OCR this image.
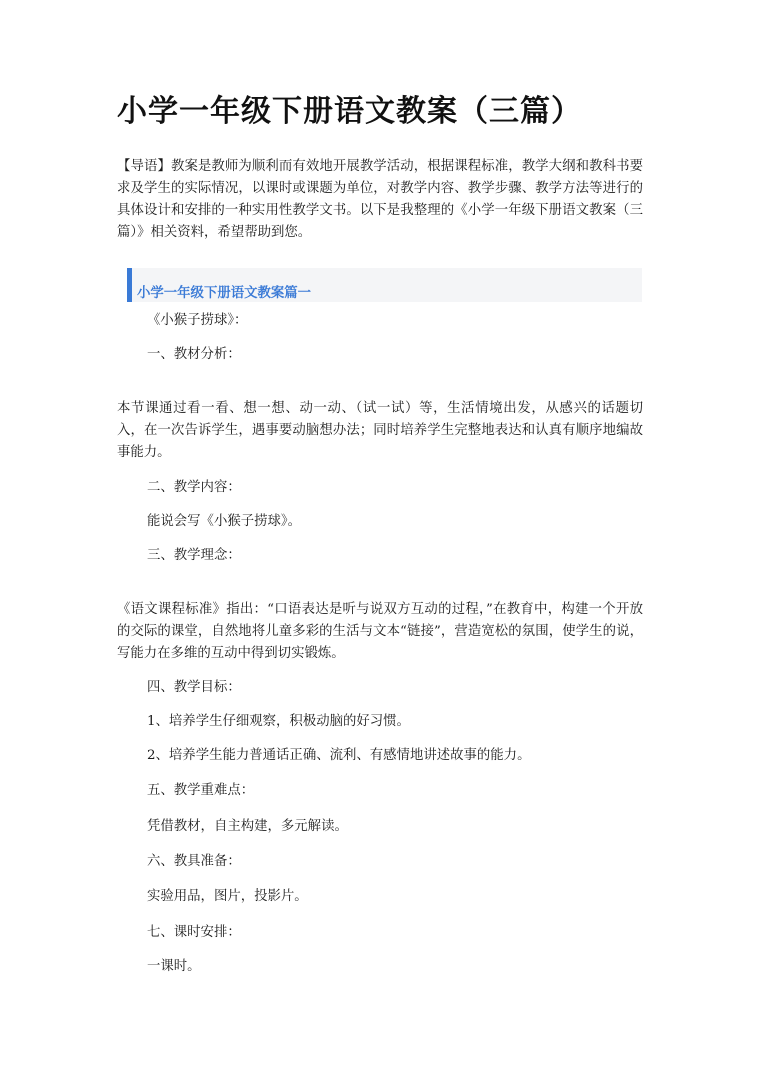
小学一年级下册语文教案（三篇）
【导语】教案是教师为顺利而有效地开展教学活动，根据课程标准，教学大纲和教科书要求及学生的实际情况，以课时或课题为单位，对教学内容、教学步骤、教学方法等进行的具体设计和安排的一种实用性教学文书。以下是我整理的《小学一年级下册语文教案（三篇）》相关资料，希望帮助到您。
小学一年级下册语文教案篇一
《小猴子捞球》：
一、教材分析：
本节课通过看一看、想一想、动一动、（试一试）等，生活情境出发，从感兴的话题切入，在一次告诉学生，遇事要动脑想办法；同时培养学生完整地表达和认真有顺序地编故事能力。
二、教学内容：
能说会写《小猴子捞球》。
三、教学理念：
《语文课程标准》指出：“口语表达是听与说双方互动的过程，”在教育中，构建一个开放的交际的课堂，自然地将儿童多彩的生活与文本“链接”，营造宽松的氛围，使学生的说，写能力在多维的互动中得到切实锻炼。
四、教学目标：
1、培养学生仔细观察，积极动脑的好习惯。
2、培养学生能力普通话正确、流利、有感情地讲述故事的能力。
五、教学重难点：
凭借教材，自主构建，多元解读。
六、教具准备：
实验用品，图片，投影片。
七、课时安排：
一课时。
